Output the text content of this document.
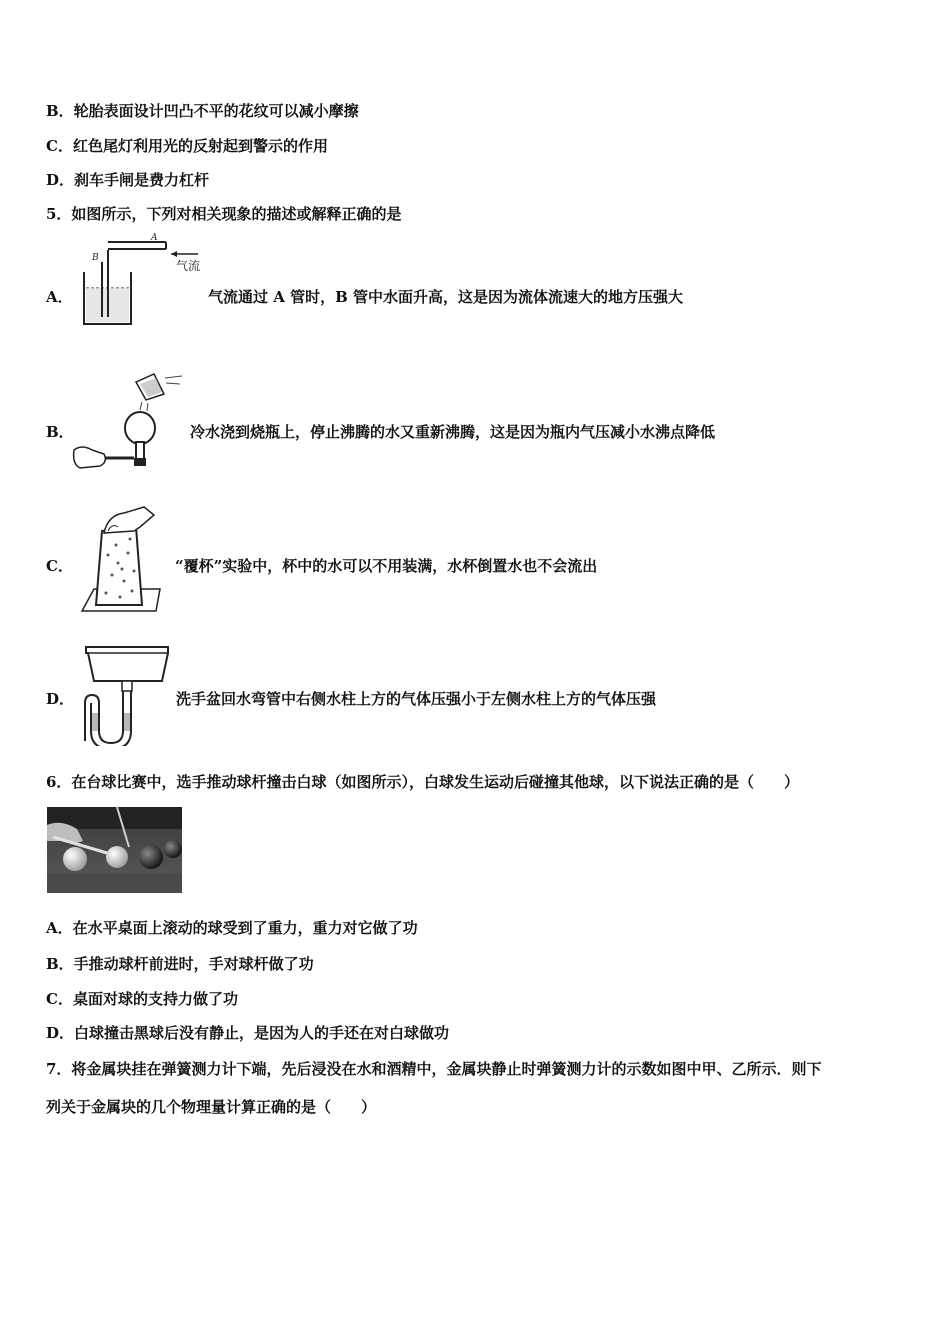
B．轮胎表面设计凹凸不平的花纹可以减小摩擦
C．红色尾灯利用光的反射起到警示的作用
D．刹车手闸是费力杠杆
5．如图所示，下列对相关现象的描述或解释正确的是
A．
A
B
气流
气流通过 A 管时，B 管中水面升高，这是因为流体流速大的地方压强大
B．	冷水浇到烧瓶上，停止沸腾的水又重新沸腾，这是因为瓶内气压减小水沸点降低
C．	“覆杯”实验中，杯中的水可以不用装满，水杯倒置水也不会流出
D．	洗手盆回水弯管中右侧水柱上方的气体压强小于左侧水柱上方的气体压强
6．在台球比赛中，选手推动球杆撞击白球（如图所示），白球发生运动后碰撞其他球，以下说法正确的是（　　）
A．在水平桌面上滚动的球受到了重力，重力对它做了功
B．手推动球杆前进时，手对球杆做了功
C．桌面对球的支持力做了功
D．白球撞击黑球后没有静止，是因为人的手还在对白球做功
7．将金属块挂在弹簧测力计下端，先后浸没在水和酒精中，金属块静止时弹簧测力计的示数如图中甲、乙所示．则下
列关于金属块的几个物理量计算正确的是（　　）
